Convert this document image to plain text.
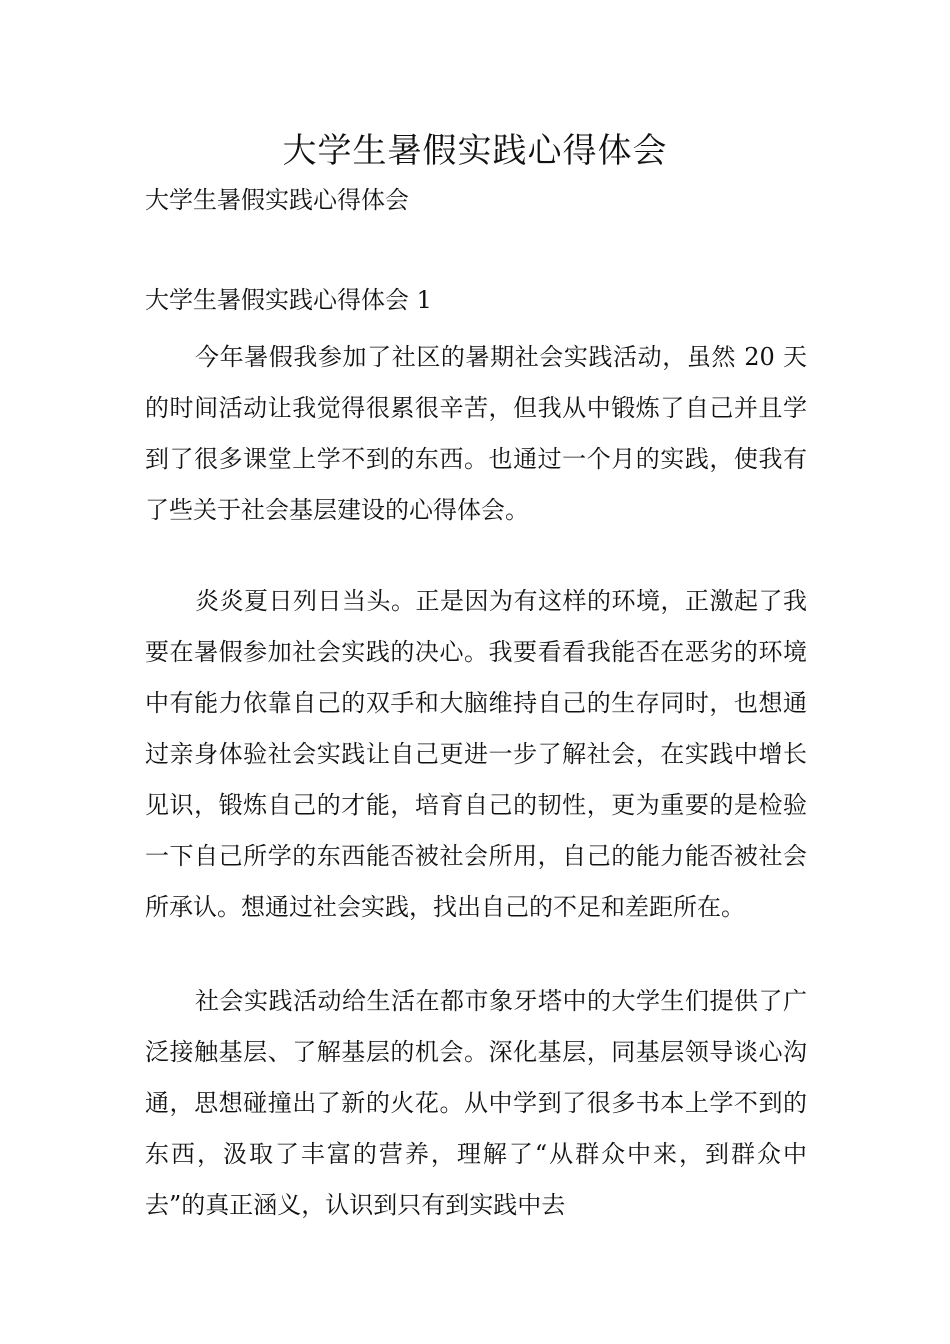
大学生暑假实践心得体会
大学生暑假实践心得体会
大学生暑假实践心得体会 1

今年暑假我参加了社区的暑期社会实践活动，虽然 20 天的时间活动让我觉得很累很辛苦，但我从中锻炼了自己并且学到了很多课堂上学不到的东西。也通过一个月的实践，使我有了些关于社会基层建设的心得体会。

炎炎夏日列日当头。正是因为有这样的环境，正激起了我要在暑假参加社会实践的决心。我要看看我能否在恶劣的环境中有能力依靠自己的双手和大脑维持自己的生存同时，也想通过亲身体验社会实践让自己更进一步了解社会，在实践中增长见识，锻炼自己的才能，培育自己的韧性，更为重要的是检验一下自己所学的东西能否被社会所用，自己的能力能否被社会所承认。想通过社会实践，找出自己的不足和差距所在。

社会实践活动给生活在都市象牙塔中的大学生们提供了广泛接触基层、了解基层的机会。深化基层，同基层领导谈心沟通，思想碰撞出了新的火花。从中学到了很多书本上学不到的东西，汲取了丰富的营养，理解了“从群众中来，到群众中去”的真正涵义，认识到只有到实践中去
